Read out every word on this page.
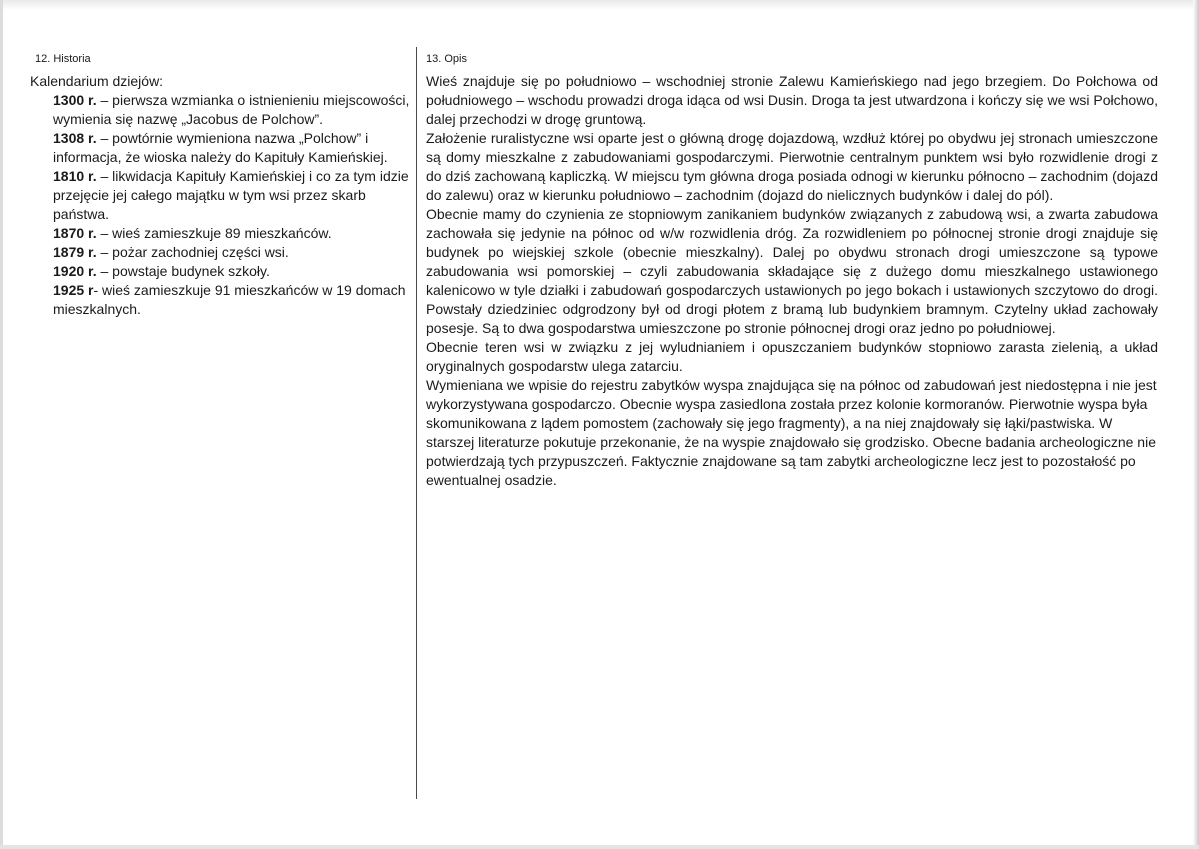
12. Historia
Kalendarium dziejów:
1300 r. – pierwsza wzmianka o istnienieniu miejscowości, wymienia się nazwę „Jacobus de Polchow”.
1308 r. – powtórnie wymieniona nazwa „Polchow” i informacja, że wioska należy do Kapituły Kamieńskiej.
1810 r. – likwidacja Kapituły Kamieńskiej i co za tym idzie przejęcie jej całego majątku w tym wsi przez skarb państwa.
1870 r. – wieś zamieszkuje 89 mieszkańców.
1879 r. – pożar zachodniej części wsi.
1920 r. – powstaje budynek szkoły.
1925 r- wieś zamieszkuje 91 mieszkańców w 19 domach mieszkalnych.
13. Opis

Wieś znajduje się po południowo – wschodniej stronie Zalewu Kamieńskiego nad jego brzegiem. Do Połchowa od południowego – wschodu prowadzi droga idąca od wsi Dusin. Droga ta jest utwardzona i kończy się we wsi Połchowo, dalej przechodzi w drogę gruntową.

Założenie ruralistyczne wsi oparte jest o główną drogę dojazdową, wzdłuż której po obydwu jej stronach umieszczone są domy mieszkalne z zabudowaniami gospodarczymi. Pierwotnie centralnym punktem wsi było rozwidlenie drogi z do dziś zachowaną kapliczką. W miejscu tym główna droga posiada odnogi w kierunku północno – zachodnim (dojazd do zalewu) oraz w kierunku południowo – zachodnim (dojazd do nielicznych budynków i dalej do pól).

Obecnie mamy do czynienia ze stopniowym zanikaniem budynków związanych z zabudową wsi, a zwarta zabudowa zachowała się jedynie na północ od w/w rozwidlenia dróg. Za rozwidleniem po północnej stronie drogi znajduje się budynek po wiejskiej szkole (obecnie mieszkalny). Dalej po obydwu stronach drogi umieszczone są typowe zabudowania wsi pomorskiej – czyli zabudowania składające się z dużego domu mieszkalnego ustawionego kalenicowo w tyle działki i zabudowań gospodarczych ustawionych po jego bokach i ustawionych szczytowo do drogi. Powstały dziedziniec odgrodzony był od drogi płotem z bramą lub budynkiem bramnym. Czytelny układ zachowały posesje. Są to dwa gospodarstwa umieszczone po stronie północnej drogi oraz jedno po południowej.

Obecnie teren wsi w związku z jej wyludnianiem i opuszczaniem budynków stopniowo zarasta zielenią, a układ oryginalnych gospodarstw ulega zatarciu.

Wymieniana we wpisie do rejestru zabytków wyspa znajdująca się na północ od zabudowań jest niedostępna i nie jest wykorzystywana gospodarczo. Obecnie wyspa zasiedlona została przez kolonie kormoranów. Pierwotnie wyspa była skomunikowana z lądem pomostem (zachowały się jego fragmenty), a na niej znajdowały się łąki/pastwiska. W starszej literaturze pokutuje przekonanie, że na wyspie znajdowało się grodzisko. Obecne badania archeologiczne nie potwierdzają tych przypuszczeń. Faktycznie znajdowane są tam zabytki archeologiczne lecz jest to pozostałość po ewentualnej osadzie.
